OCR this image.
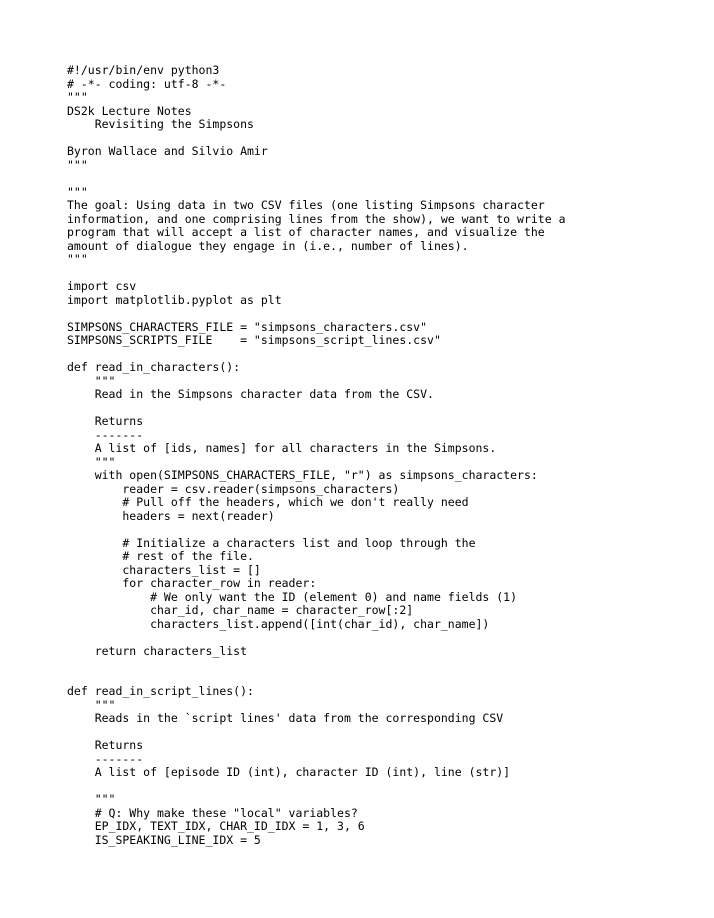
#!/usr/bin/env python3
# -*- coding: utf-8 -*-
"""
DS2k Lecture Notes
Revisiting the Simpsons
Byron Wallace and Silvio Amir
"""
"""
The goal: Using data in two CSV files (one listing Simpsons character
information, and one comprising lines from the show), we want to write a
program that will accept a list of character names, and visualize the
amount of dialogue they engage in (i.e., number of lines).
"""
import csv
import matplotlib.pyplot as plt
SIMPSONS_CHARACTERS_FILE = "simpsons_characters.csv"
SIMPSONS_SCRIPTS_FILE    = "simpsons_script_lines.csv"
def read_in_characters():
"""
Read in the Simpsons character data from the CSV.
Returns
-------
A list of [ids, names] for all characters in the Simpsons.
"""
with open(SIMPSONS_CHARACTERS_FILE, "r") as simpsons_characters:
reader = csv.reader(simpsons_characters)
# Pull off the headers, which we don't really need
headers = next(reader)
# Initialize a characters list and loop through the
# rest of the file.
characters_list = []
for character_row in reader:
# We only want the ID (element 0) and name fields (1)
char_id, char_name = character_row[:2]
characters_list.append([int(char_id), char_name])
return characters_list
def read_in_script_lines():
"""
Reads in the `script lines' data from the corresponding CSV
Returns
-------
A list of [episode ID (int), character ID (int), line (str)]
"""
# Q: Why make these "local" variables?
EP_IDX, TEXT_IDX, CHAR_ID_IDX = 1, 3, 6
IS_SPEAKING_LINE_IDX = 5
